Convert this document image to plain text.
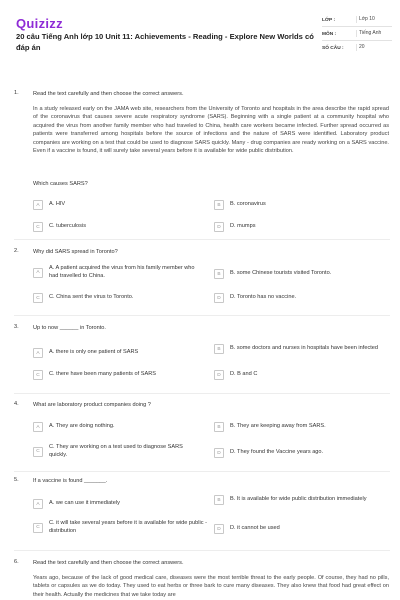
Quizizz
20 câu Tiếng Anh lớp 10 Unit 11: Achievements - Reading - Explore New Worlds có đáp án
LỚP :	Lớp 10
MÔN :	Tiếng Anh
SỐ CÂU :	20
1.	Read the text carefully and then choose the correct answers.
In a study released early on the JAMA web site, researchers from the University of Toronto and hospitals in the area describe the rapid spread of the coronavirus that causes severe acute respiratory syndrome (SARS). Beginning with a single patient at a community hospital who acquired the virus from another family member who had traveled to China, health care workers became infected. Further spread occurred as patients were transferred among hospitals before the source of infections and the nature of SARS were identified. Laboratory product companies are working on a test that could be used to diagnose SARS quickly. Many - drug companies are ready working on a SARS vaccine. Even if a vaccine is found, it will surely take several years before it is available for wide public distribution.
Which causes SARS?
A	A. HIV	B	B. coronavirus
C	C. tuberculosis	D	D. mumps
2.	Why did SARS spread in Toronto?
A
A. A patient acquired the virus from his family member who had travelled to China.	B	B. some Chinese tourists visited Toronto.
C	C. China sent the virus to Toronto.	D	D. Toronto has no vaccine.
3.	Up to now ______ in Toronto.
A	A. there is only one patient of SARS
B	B. some doctors and nurses in hospitals have been infected
C	C. there have been many patients of SARS	D	D. B and C
4.	What are laboratory product companies doing ?
A	A. They are doing nothing.	B	B. They are keeping away from SARS.
C
C. They are working on a test used to diagnose SARS quickly.	D	D. They found the Vaccine years ago.
5.	If a vaccine is found _______.
A	A. we can use it immediately
B	B. It is available for wide public distribution immediately
C
C. it will take several years before it is available for wide public - distribution	D	D. it cannot be used
6.	Read the text carefully and then choose the correct answers.
Years ago, because of the lack of good medical care, diseases were the most terrible threat to the early people. Of course, they had no pills, tablets or capsules as we do today. They used to eat herbs or three bark to cure many diseases. They also knew that food had great effect on their health. Actually the medicines that we take today are
